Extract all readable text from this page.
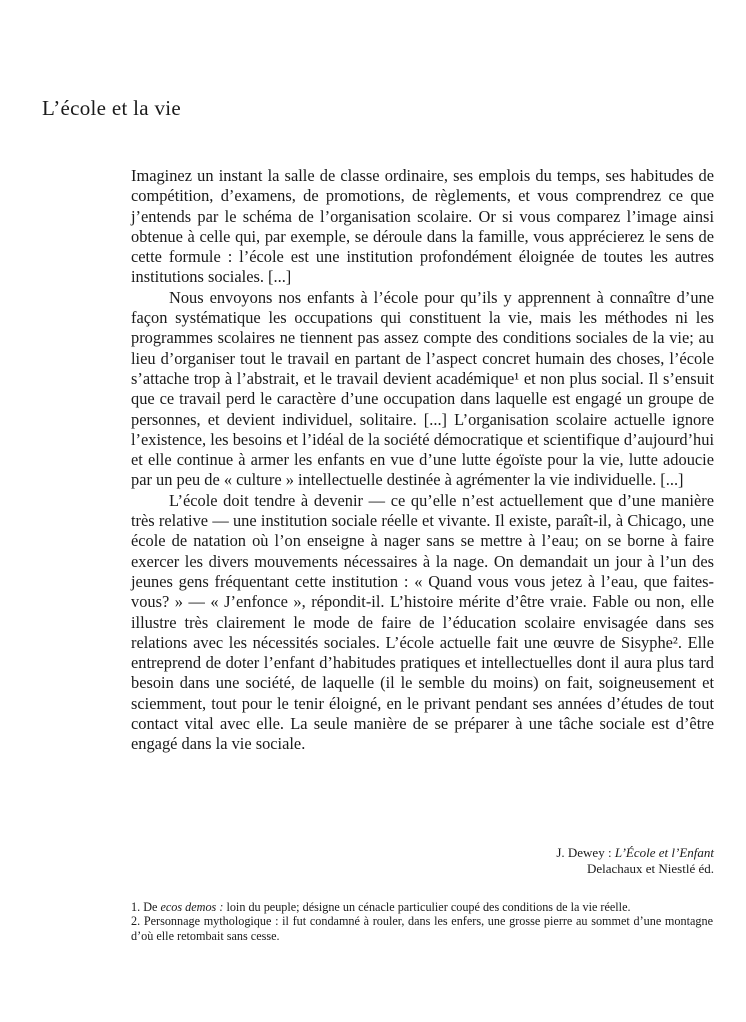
L’école et la vie

Imaginez un instant la salle de classe ordinaire, ses emplois du temps, ses habitudes de compétition, d’examens, de promotions, de règlements, et vous comprendrez ce que j’entends par le schéma de l’organisation scolaire. Or si vous comparez l’image ainsi obtenue à celle qui, par exemple, se déroule dans la famille, vous apprécierez le sens de cette formule : l’école est une institution profondément éloignée de toutes les autres institutions sociales. [...]

Nous envoyons nos enfants à l’école pour qu’ils y apprennent à connaître d’une façon systématique les occupations qui constituent la vie, mais les méthodes ni les programmes scolaires ne tiennent pas assez compte des conditions sociales de la vie; au lieu d’organiser tout le travail en partant de l’aspect concret humain des choses, l’école s’attache trop à l’abstrait, et le travail devient académique¹ et non plus social. Il s’ensuit que ce travail perd le caractère d’une occupation dans laquelle est engagé un groupe de personnes, et devient individuel, solitaire. [...] L’organisation scolaire actuelle ignore l’existence, les besoins et l’idéal de la société démocratique et scientifique d’aujourd’hui et elle continue à armer les enfants en vue d’une lutte égoïste pour la vie, lutte adoucie par un peu de « culture » intellectuelle destinée à agrémenter la vie individuelle. [...]

L’école doit tendre à devenir — ce qu’elle n’est actuellement que d’une manière très relative — une institution sociale réelle et vivante. Il existe, paraît-il, à Chicago, une école de natation où l’on enseigne à nager sans se mettre à l’eau; on se borne à faire exercer les divers mouvements nécessaires à la nage. On demandait un jour à l’un des jeunes gens fréquentant cette institution : « Quand vous vous jetez à l’eau, que faites-vous? » — « J’enfonce », répondit-il. L’histoire mérite d’être vraie. Fable ou non, elle illustre très clairement le mode de faire de l’éducation scolaire envisagée dans ses relations avec les nécessités sociales. L’école actuelle fait une œuvre de Sisyphe². Elle entreprend de doter l’enfant d’habitudes pratiques et intellectuelles dont il aura plus tard besoin dans une société, de laquelle (il le semble du moins) on fait, soigneusement et sciemment, tout pour le tenir éloigné, en le privant pendant ses années d’études de tout contact vital avec elle. La seule manière de se préparer à une tâche sociale est d’être engagé dans la vie sociale.

J. Dewey : L’École et l’Enfant
Delachaux et Niestlé éd.

1. De ecos demos : loin du peuple; désigne un cénacle particulier coupé des conditions de la vie réelle.

2. Personnage mythologique : il fut condamné à rouler, dans les enfers, une grosse pierre au sommet d’une montagne d’où elle retombait sans cesse.
